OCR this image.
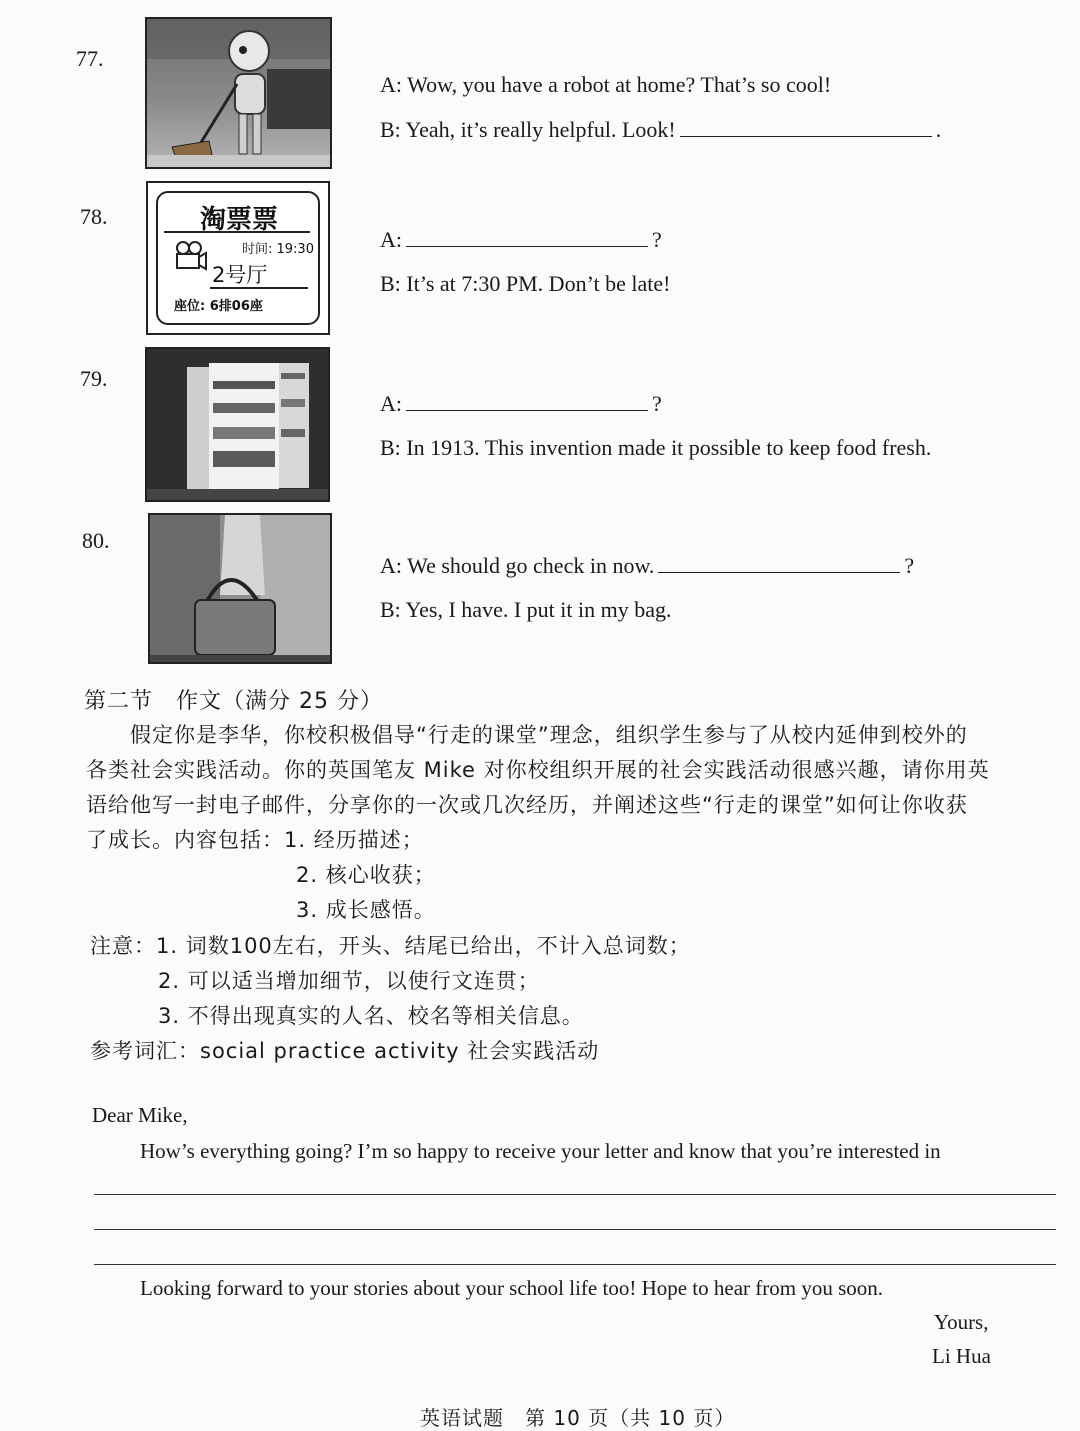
77.
A: Wow, you have a robot at home? That’s so cool!
B: Yeah, it’s really helpful. Look!	.
78.	淘票票
时间: 19:30
2号厅
座位: 6排06座
A:	?
B: It’s at 7:30 PM. Don’t be late!
79.
A:	?
B: In 1913. This invention made it possible to keep food fresh.
80.
A: We should go check in now.	?
B: Yes, I have. I put it in my bag.
第二节　作文（满分 25 分）
假定你是李华，你校积极倡导“行走的课堂”理念，组织学生参与了从校内延伸到校外的
各类社会实践活动。你的英国笔友 Mike 对你校组织开展的社会实践活动很感兴趣，请你用英
语给他写一封电子邮件，分享你的一次或几次经历，并阐述这些“行走的课堂”如何让你收获
了成长。内容包括：1. 经历描述；
2. 核心收获；
3. 成长感悟。
注意：1. 词数100左右，开头、结尾已给出，不计入总词数；
2. 可以适当增加细节，以使行文连贯；
3. 不得出现真实的人名、校名等相关信息。
参考词汇：social practice activity 社会实践活动
Dear Mike,
How’s everything going? I’m so happy to receive your letter and know that you’re interested in
Looking forward to your stories about your school life too! Hope to hear from you soon.
Yours,
Li Hua
英语试题　第 10 页（共 10 页）
